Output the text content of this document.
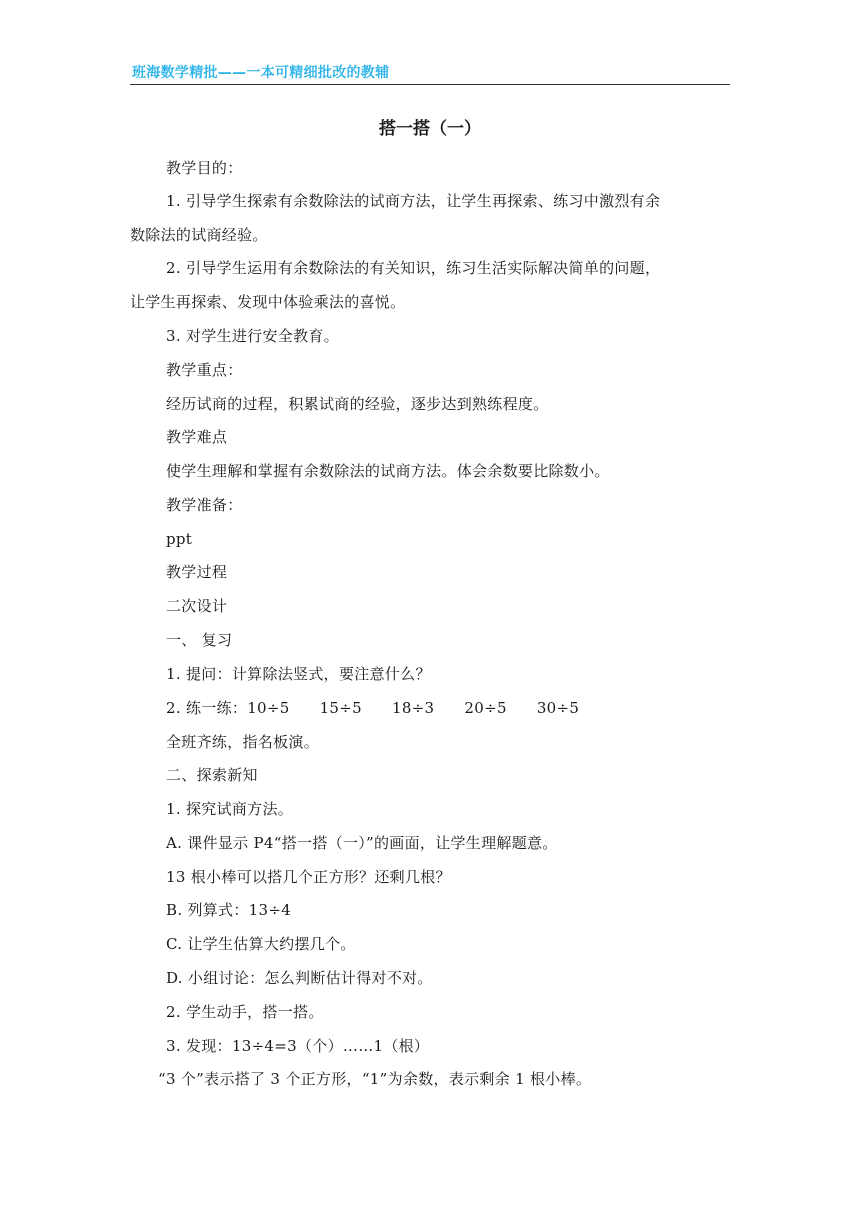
班海数学精批——一本可精细批改的教辅
搭一搭（一）
教学目的：
1. 引导学生探索有余数除法的试商方法，让学生再探索、练习中激烈有余
数除法的试商经验。
2. 引导学生运用有余数除法的有关知识，练习生活实际解决简单的问题，
让学生再探索、发现中体验乘法的喜悦。
3. 对学生进行安全教育。
教学重点：
经历试商的过程，积累试商的经验，逐步达到熟练程度。
教学难点
使学生理解和掌握有余数除法的试商方法。体会余数要比除数小。
教学准备：
ppt
教学过程
二次设计
一、 复习
1. 提问：计算除法竖式，要注意什么？
2. 练一练：10÷5 15÷5 18÷3 20÷5 30÷5
全班齐练，指名板演。
二、探索新知
1. 探究试商方法。
A. 课件显示 P4“搭一搭（一）”的画面，让学生理解题意。
13 根小棒可以搭几个正方形？还剩几根？
B. 列算式：13÷4
C. 让学生估算大约摆几个。
D. 小组讨论：怎么判断估计得对不对。
2. 学生动手，搭一搭。
3. 发现：13÷4=3（个）……1（根）
“3 个”表示搭了 3 个正方形，“1”为余数，表示剩余 1 根小棒。
